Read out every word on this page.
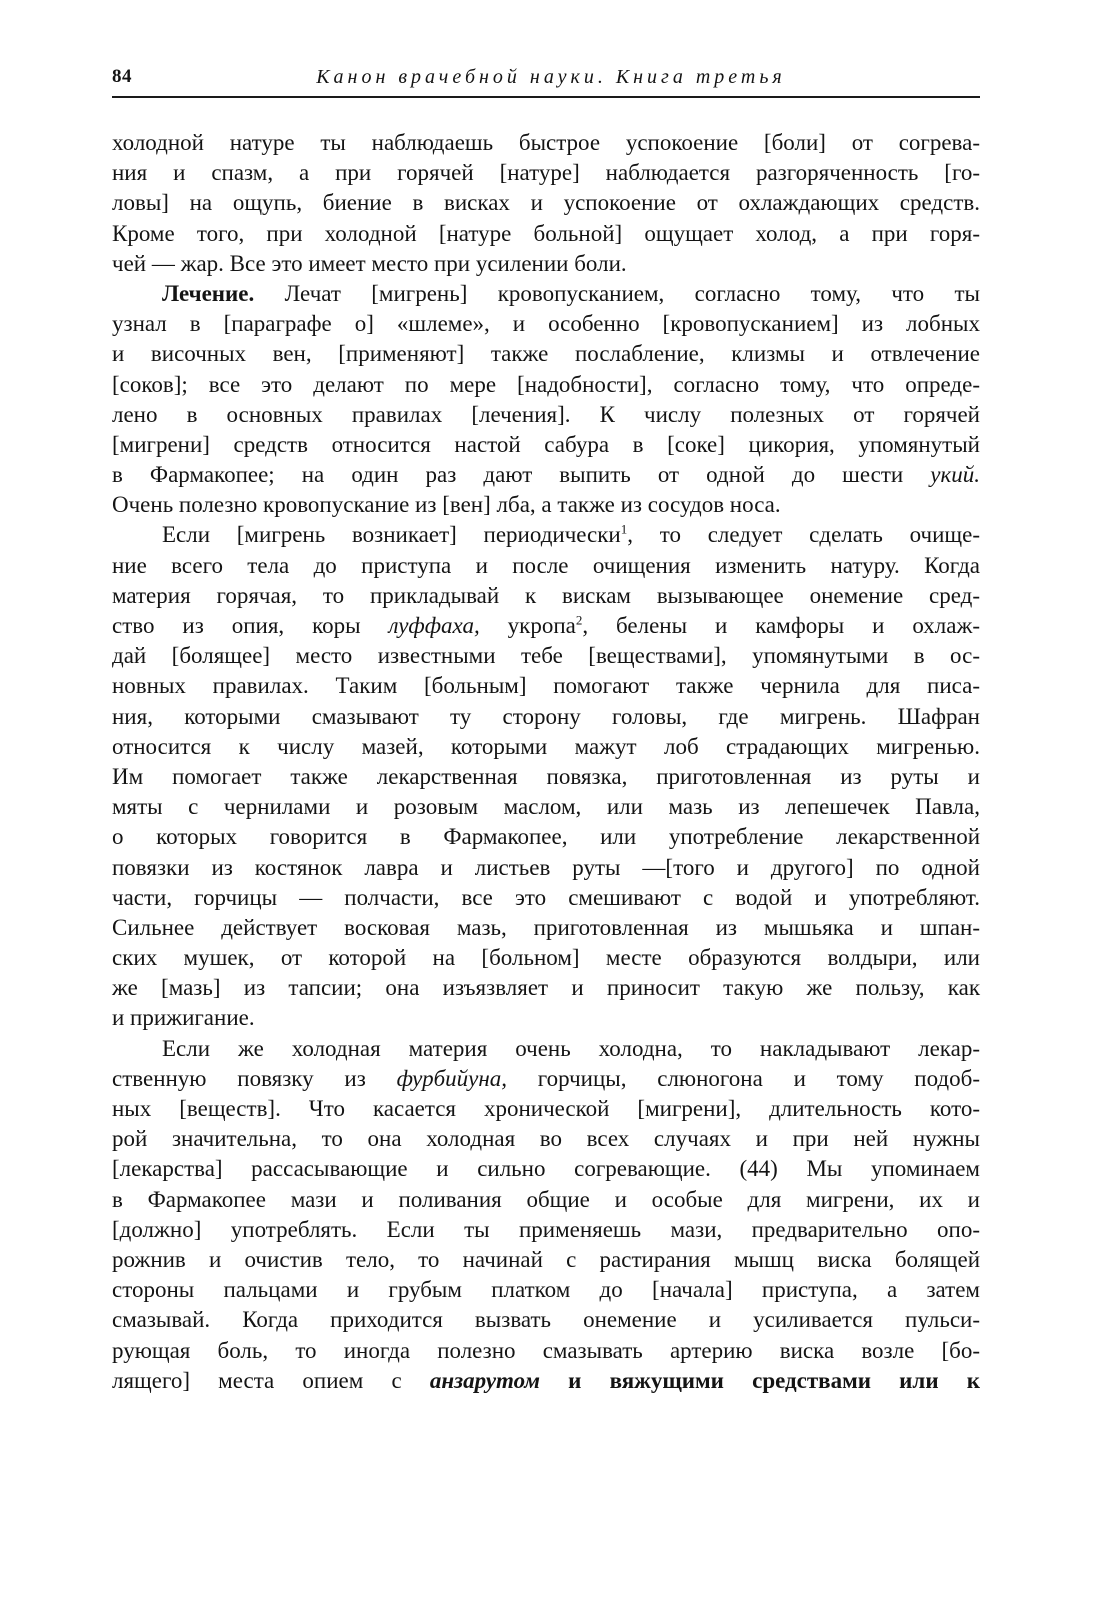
84	Канон врачебной науки. Книга третья
холодной натуре ты наблюдаешь быстрое успокоение [боли] от согрева-
ния и спазм, а при горячей [натуре] наблюдается разгоряченность [го-
ловы] на ощупь, биение в висках и успокоение от охлаждающих средств.
Кроме того, при холодной [натуре больной] ощущает холод, а при горя-
чей — жар. Все это имеет место при усилении боли.
Лечение. Лечат [мигрень] кровопусканием, согласно тому, что ты
узнал в [параграфе о] «шлеме», и особенно [кровопусканием] из лобных
и височных вен, [применяют] также послабление, клизмы и отвлечение
[соков]; все это делают по мере [надобности], согласно тому, что опреде-
лено в основных правилах [лечения]. К числу полезных от горячей
[мигрени] средств относится настой сабура в [соке] цикория, упомянутый
в Фармакопее; на один раз дают выпить от одной до шести укий.
Очень полезно кровопускание из [вен] лба, а также из сосудов носа.
Если [мигрень возникает] периодически$^1$, то следует сделать очище-
ние всего тела до приступа и после очищения изменить натуру. Когда
материя горячая, то прикладывай к вискам вызывающее онемение сред-
ство из опия, коры луффаха, укропа$^2$, белены и камфоры и охлаж-
дай [болящее] место известными тебе [веществами], упомянутыми в ос-
новных правилах. Таким [больным] помогают также чернила для писа-
ния, которыми смазывают ту сторону головы, где мигрень. Шафран
относится к числу мазей, которыми мажут лоб страдающих мигренью.
Им помогает также лекарственная повязка, приготовленная из руты и
мяты с чернилами и розовым маслом, или мазь из лепешечек Павла,
о которых говорится в Фармакопее, или употребление лекарственной
повязки из костянок лавра и листьев руты —[того и другого] по одной
части, горчицы — полчасти, все это смешивают с водой и употребляют.
Сильнее действует восковая мазь, приготовленная из мышьяка и шпан-
ских мушек, от которой на [больном] месте образуются волдыри, или
же [мазь] из тапсии; она изъязвляет и приносит такую же пользу, как
и прижигание.
Если же холодная материя очень холодна, то накладывают лекар-
ственную повязку из фурбийуна, горчицы, слюногона и тому подоб-
ных [веществ]. Что касается хронической [мигрени], длительность кото-
рой значительна, то она холодная во всех случаях и при ней нужны
[лекарства] рассасывающие и сильно согревающие. (44) Мы упоминаем
в Фармакопее мази и поливания общие и особые для мигрени, их и
[должно] употреблять. Если ты применяешь мази, предварительно опо-
рожнив и очистив тело, то начинай с растирания мышц виска болящей
стороны пальцами и грубым платком до [начала] приступа, а затем
смазывай. Когда приходится вызвать онемение и усиливается пульси-
рующая боль, то иногда полезно смазывать артерию виска возле [бо-
лящего] места опием с анзарутом и вяжущими средствами или к
